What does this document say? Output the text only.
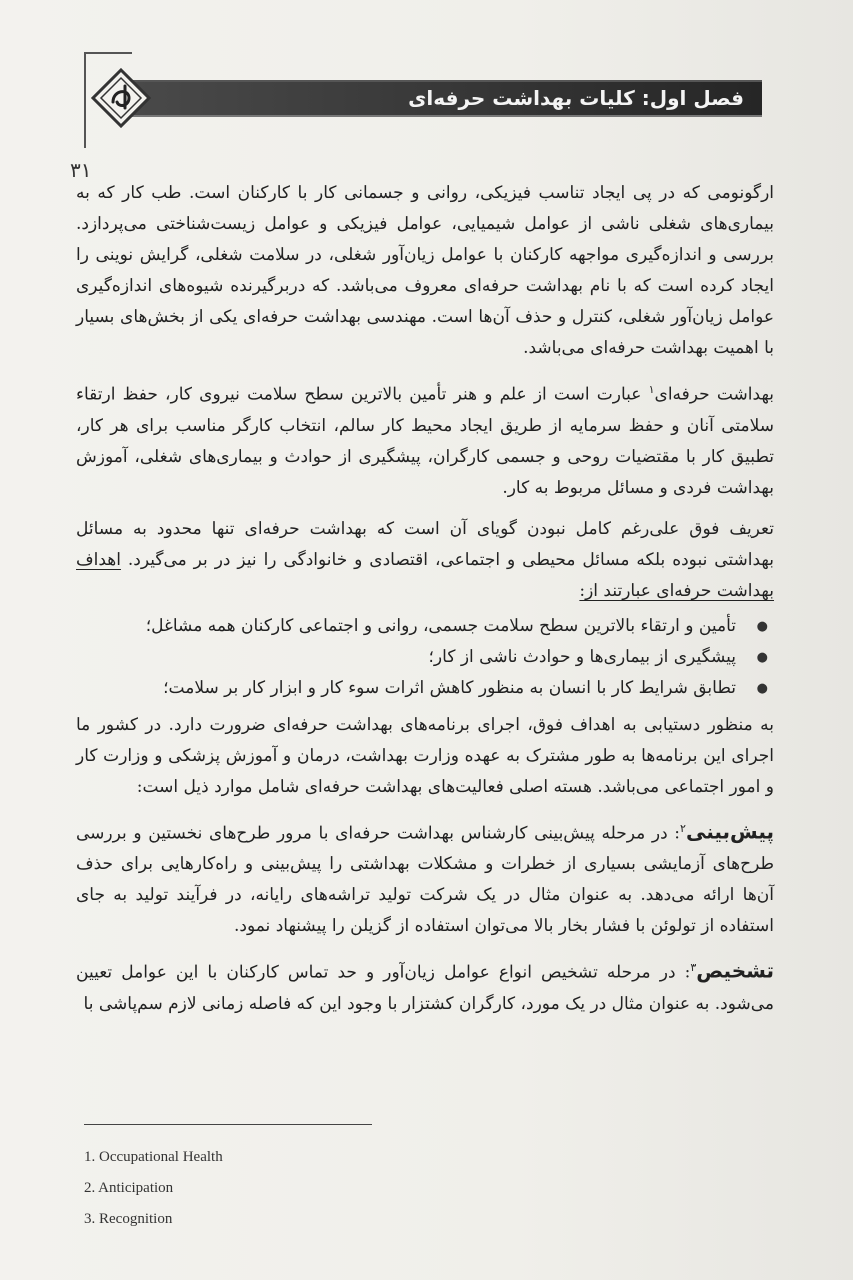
فصل اول: کلیات بهداشت حرفه‌ای
۳۱

ارگونومی که در پی ایجاد تناسب فیزیکی، روانی و جسمانی کار با کارکنان است. طب کار که به بیماری‌های شغلی ناشی از عوامل شیمیایی، عوامل فیزیکی و عوامل زیست‌شناختی می‌پردازد. بررسی و اندازه‌گیری مواجهه کارکنان با عوامل زیان‌آور شغلی، در سلامت شغلی، گرایش نوینی را ایجاد کرده است که با نام بهداشت حرفه‌ای معروف می‌باشد. که دربرگیرنده شیوه‌های اندازه‌گیری عوامل زیان‌آور شغلی، کنترل و حذف آن‌ها است. مهندسی بهداشت حرفه‌ای یکی از بخش‌های بسیار با اهمیت بهداشت حرفه‌ای می‌باشد.

بهداشت حرفه‌ای$^۱$ عبارت است از علم و هنر تأمین بالاترین سطح سلامت نیروی کار، حفظ ارتقاء سلامتی آنان و حفظ سرمایه از طریق ایجاد محیط کار سالم، انتخاب کارگر مناسب برای هر کار، تطبیق کار با مقتضیات روحی و جسمی کارگران، پیشگیری از حوادث و بیماری‌های شغلی، آموزش بهداشت فردی و مسائل مربوط به کار.

تعریف فوق علی‌رغم کامل نبودن گویای آن است که بهداشت حرفه‌ای تنها محدود به مسائل بهداشتی نبوده بلکه مسائل محیطی و اجتماعی، اقتصادی و خانوادگی را نیز در بر می‌گیرد. اهداف بهداشت حرفه‌ای عبارتند از:

● تأمین و ارتقاء بالاترین سطح سلامت جسمی، روانی و اجتماعی کارکنان همه مشاغل؛
● پیشگیری از بیماری‌ها و حوادث ناشی از کار؛
● تطابق شرایط کار با انسان به منظور کاهش اثرات سوء کار و ابزار کار بر سلامت؛

به منظور دستیابی به اهداف فوق، اجرای برنامه‌های بهداشت حرفه‌ای ضرورت دارد. در کشور ما اجرای این برنامه‌ها به طور مشترک به عهده وزارت بهداشت، درمان و آموزش پزشکی و وزارت کار و امور اجتماعی می‌باشد. هسته اصلی فعالیت‌های بهداشت حرفه‌ای شامل موارد ذیل است:

پیش‌بینی$^۲$: در مرحله پیش‌بینی کارشناس بهداشت حرفه‌ای با مرور طرح‌های نخستین و بررسی طرح‌های آزمایشی بسیاری از خطرات و مشکلات بهداشتی را پیش‌بینی و راه‌کارهایی برای حذف آن‌ها ارائه می‌دهد. به عنوان مثال در یک شرکت تولید تراشه‌های رایانه، در فرآیند تولید به جای استفاده از تولوئن با فشار بخار بالا می‌توان استفاده از گزیلن را پیشنهاد نمود.

تشخیص$^۳$: در مرحله تشخیص انواع عوامل زیان‌آور و حد تماس کارکنان با این عوامل تعیین می‌شود. به عنوان مثال در یک مورد، کارگران کشتزار با وجود این که فاصله زمانی لازم سم‌پاشی با

1. Occupational Health
2. Anticipation
3. Recognition
